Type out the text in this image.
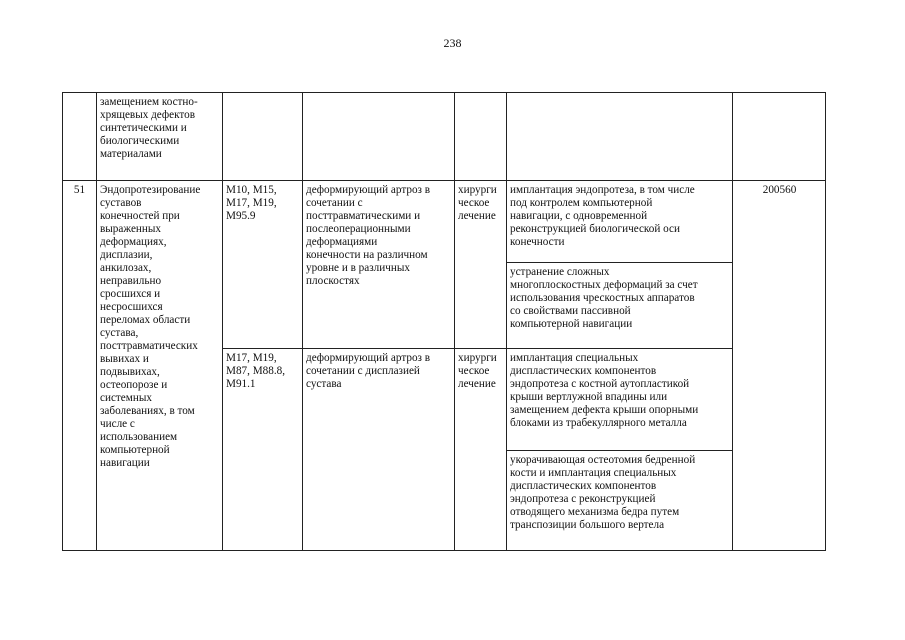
238
замещением костно-
хрящевых дефектов
синтетическими и
биологическими
материалами
51	Эндопротезирование
суставов
конечностей при
выраженных
деформациях,
дисплазии,
анкилозах,
неправильно
сросшихся и
несросшихся
переломах области
сустава,
посттравматических
вывихах и
подвывихах,
остеопорозе и
системных
заболеваниях, в том
числе с
использованием
компьютерной
навигации
M10, M15,
M17, M19,
M95.9
деформирующий артроз в
сочетании с
посттравматическими и
послеоперационными
деформациями
конечности на различном
уровне и в различных
плоскостях
хирурги
ческое
лечение
имплантация эндопротеза, в том числе
под контролем компьютерной
навигации, с одновременной
реконструкцией биологической оси
конечности
устранение сложных
многоплоскостных деформаций за счет
использования чрескостных аппаратов
со свойствами пассивной
компьютерной навигации
M17, M19,
M87, M88.8,
M91.1
деформирующий артроз в
сочетании с дисплазией
сустава
хирурги
ческое
лечение
имплантация специальных
диспластических компонентов
эндопротеза с костной аутопластикой
крыши вертлужной впадины или
замещением дефекта крыши опорными
блоками из трабекуллярного металла
укорачивающая остеотомия бедренной
кости и имплантация специальных
диспластических компонентов
эндопротеза с реконструкцией
отводящего механизма бедра путем
транспозиции большого вертела
200560
